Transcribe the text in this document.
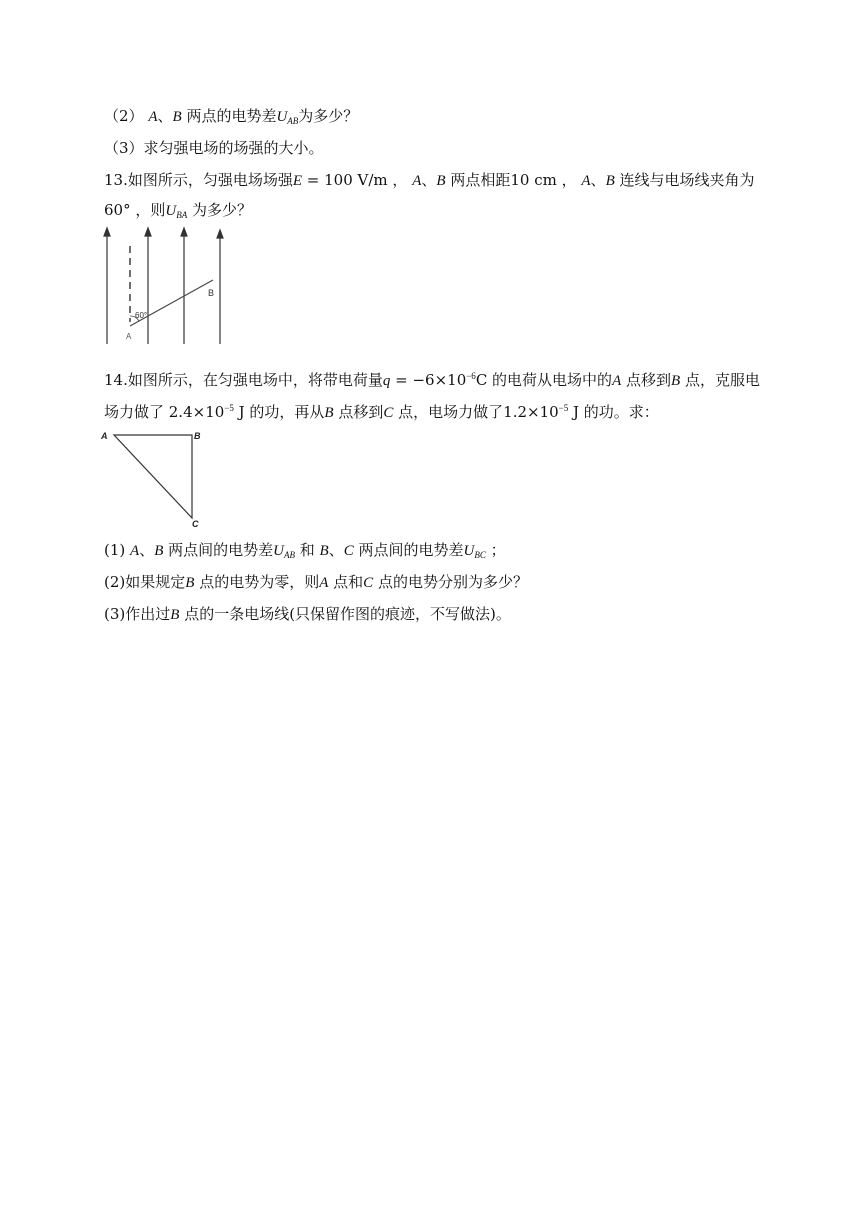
（2） A、B 两点的电势差$U_{AB}$为多少？
（3）求匀强电场的场强的大小。
13.如图所示，匀强电场场强E = 100 V/m ， A、B 两点相距10 cm ， A、B 连线与电场线夹角为
60° ，则$U_{BA}$ 为多少？
60°
A
B
14.如图所示，在匀强电场中，将带电荷量$q = -6\times 10^{-6}C$ 的电荷从电场中的A 点移到B 点，克服电
场力做了 $2.4\times 10^{-5}$ J 的功，再从B 点移到C 点，电场力做了$1.2\times 10^{-5}$ J 的功。求：
A	B
C
(1) A、B 两点间的电势差$U_{AB}$ 和 B、C 两点间的电势差$U_{BC}$ ；
(2)如果规定B 点的电势为零，则A 点和C 点的电势分别为多少？
(3)作出过B 点的一条电场线(只保留作图的痕迹，不写做法)。
